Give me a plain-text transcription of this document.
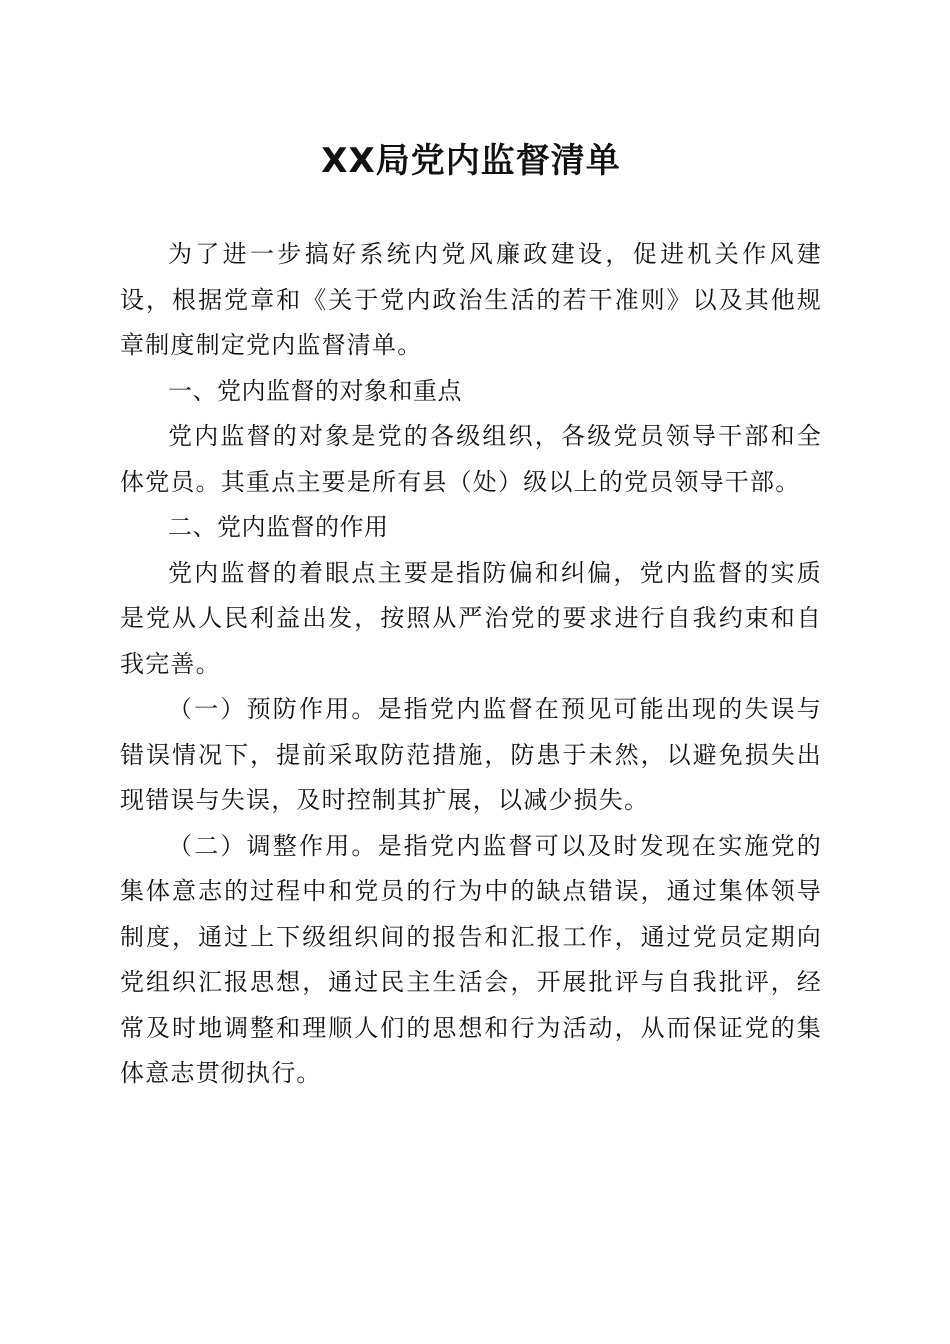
XX局党内监督清单

为了进一步搞好系统内党风廉政建设，促进机关作风建设，根据党章和《关于党内政治生活的若干准则》以及其他规章制度制定党内监督清单。

一、党内监督的对象和重点

党内监督的对象是党的各级组织，各级党员领导干部和全体党员。其重点主要是所有县（处）级以上的党员领导干部。

二、党内监督的作用

党内监督的着眼点主要是指防偏和纠偏，党内监督的实质是党从人民利益出发，按照从严治党的要求进行自我约束和自我完善。

（一）预防作用。是指党内监督在预见可能出现的失误与错误情况下，提前采取防范措施，防患于未然，以避免损失出现错误与失误，及时控制其扩展，以减少损失。

（二）调整作用。是指党内监督可以及时发现在实施党的集体意志的过程中和党员的行为中的缺点错误，通过集体领导制度，通过上下级组织间的报告和汇报工作，通过党员定期向党组织汇报思想，通过民主生活会，开展批评与自我批评，经常及时地调整和理顺人们的思想和行为活动，从而保证党的集体意志贯彻执行。
